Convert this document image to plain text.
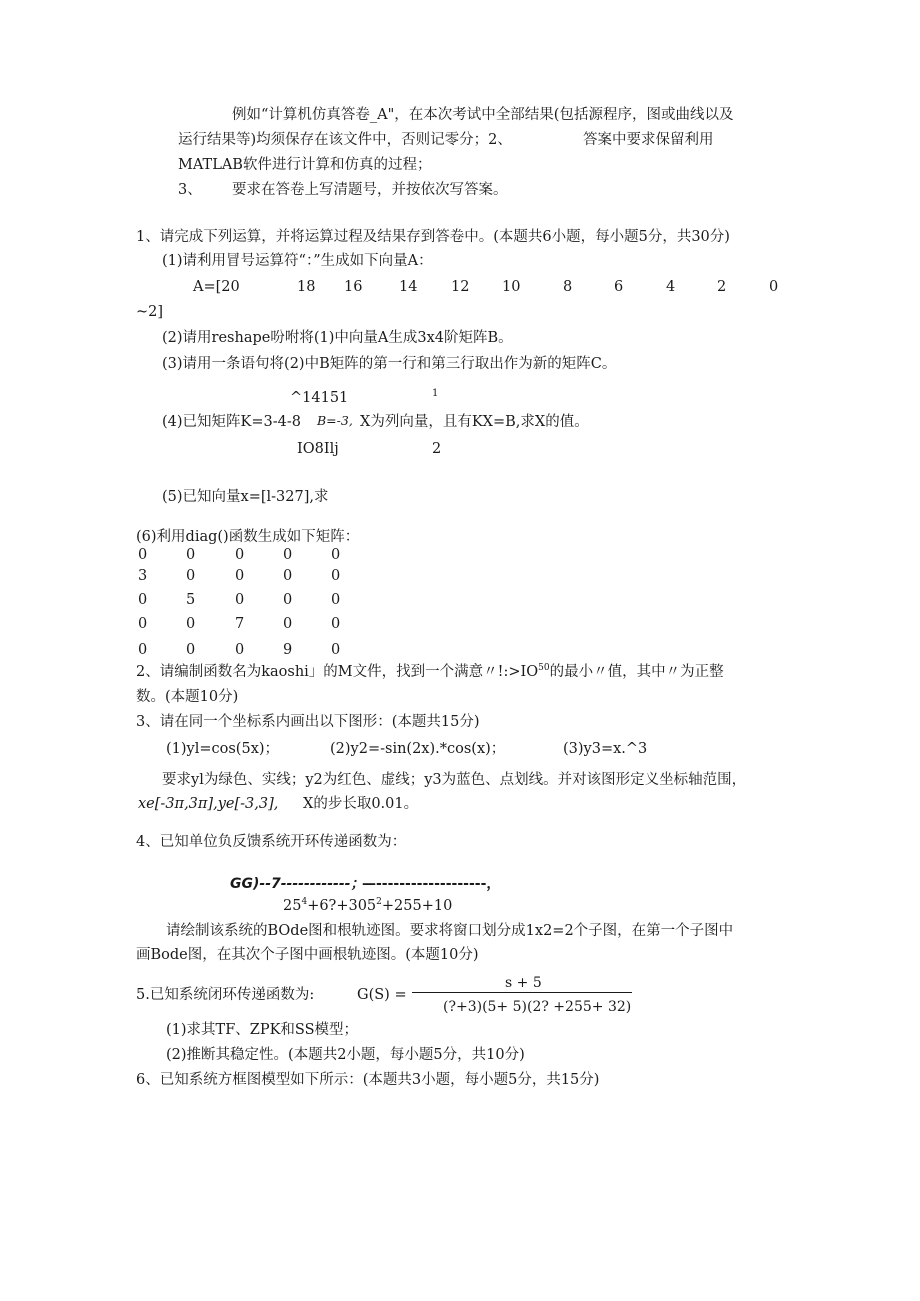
例如“计算机仿真答卷_A"，在本次考试中全部结果(包括源程序，图或曲线以及
运行结果等)均须保存在该文件中，否则记零分；2、	答案中要求保留利用
MATLAB软件进行计算和仿真的过程；
3、 要求在答卷上写清题号，并按依次写答案。
1、请完成下列运算，并将运算过程及结果存到答卷中。(本题共6小题，每小题5分，共30分)
(1)请利用冒号运算符“：”生成如下向量A：
A=[20	18 16	14 12 10	8	6	4	2	0
~2]
(2)请用reshape吩咐将(1)中向量A生成3x4阶矩阵B。
(3)请用一条语句将(2)中B矩阵的第一行和第三行取出作为新的矩阵C。
^14151	1
(4)已知矩阵K=3-4-8 B=-3, X为列向量，且有KX=B,求X的值。
IO8Ilj	2
(5)已知向量x=[l-327],求
(6)利用diag()函数生成如下矩阵：
0	0	0	0	0
3	0	0	0	0
0	5	0	0	0
0	0	7	0	0
0	0	0	9	0
2、请编制函数名为kaoshi」的M文件，找到一个满意〃$!:>IO^{50}$的最小〃值，其中〃为正整
数。(本题10分)
3、请在同一个坐标系内画出以下图形：(本题共15分)
(1)yl=cos(5x)；	(2)y2=-sin(2x).*cos(x)；	(3)y3=x.^3
要求yl为绿色、实线；y2为红色、虚线；y3为蓝色、点划线。并对该图形定义坐标轴范围，
xe[-3π,3π],ye[-3,3], X的步长取0.01。
4、已知单位负反馈系统开环传递函数为：
GG)--7------------；
—-------------------，
$25^4+6?+305^2+255+10$
请绘制该系统的BOde图和根轨迹图。要求将窗口划分成1x2=2个子图，在第一个子图中
画Bode图，在其次个子图中画根轨迹图。(本题10分)
5.已知系统闭环传递函数为:	G(S) =
s + 5
(?+3)(5+ 5)(2? +255+ 32)
(1)求其TF、ZPK和SS模型；
(2)推断其稳定性。(本题共2小题，每小题5分，共10分)
6、已知系统方框图模型如下所示：(本题共3小题，每小题5分，共15分)
